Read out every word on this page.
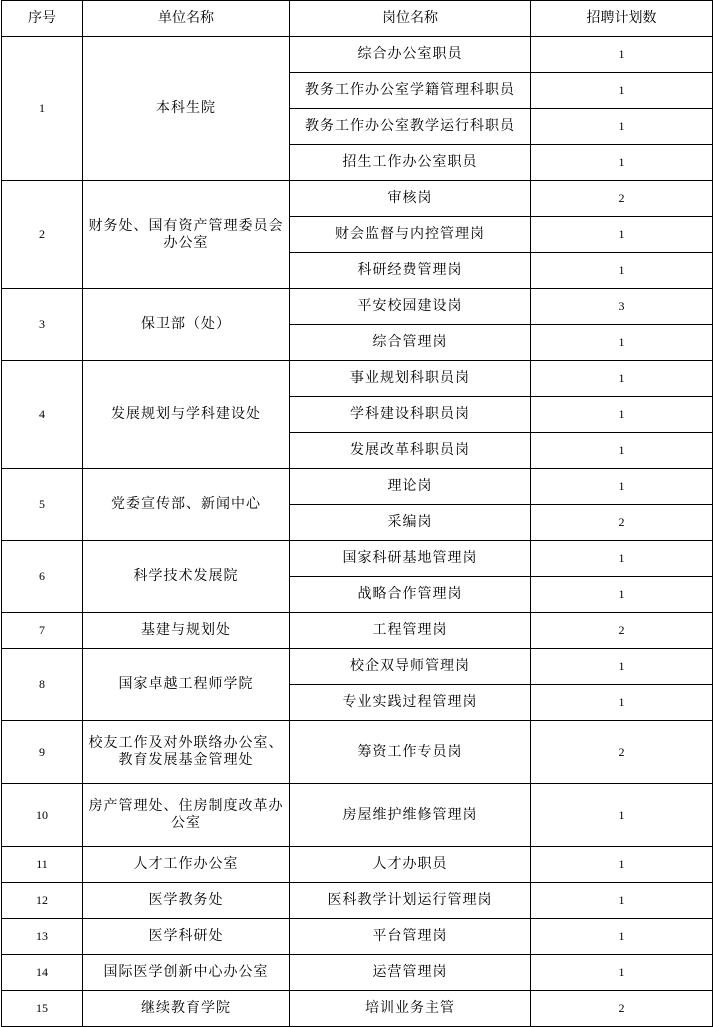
序号	单位名称	岗位名称	招聘计划数
1	本科生院	综合办公室职员	1
		教务工作办公室学籍管理科职员	1
		教务工作办公室教学运行科职员	1
		招生工作办公室职员	1
2	财务处、国有资产管理委员会办公室	审核岗	2
		财会监督与内控管理岗	1
		科研经费管理岗	1
3	保卫部（处）	平安校园建设岗	3
		综合管理岗	1
4	发展规划与学科建设处	事业规划科职员岗	1
		学科建设科职员岗	1
		发展改革科职员岗	1
5	党委宣传部、新闻中心	理论岗	1
		采编岗	2
6	科学技术发展院	国家科研基地管理岗	1
		战略合作管理岗	1
7	基建与规划处	工程管理岗	2
8	国家卓越工程师学院	校企双导师管理岗	1
		专业实践过程管理岗	1
9	校友工作及对外联络办公室、 教育发展基金管理处	筹资工作专员岗	2
10	房产管理处、住房制度改革办公室	房屋维护维修管理岗	1
11	人才工作办公室	人才办职员	1
12	医学教务处	医科教学计划运行管理岗	1
13	医学科研处	平台管理岗	1
14	国际医学创新中心办公室	运营管理岗	1
15	继续教育学院	培训业务主管	2
